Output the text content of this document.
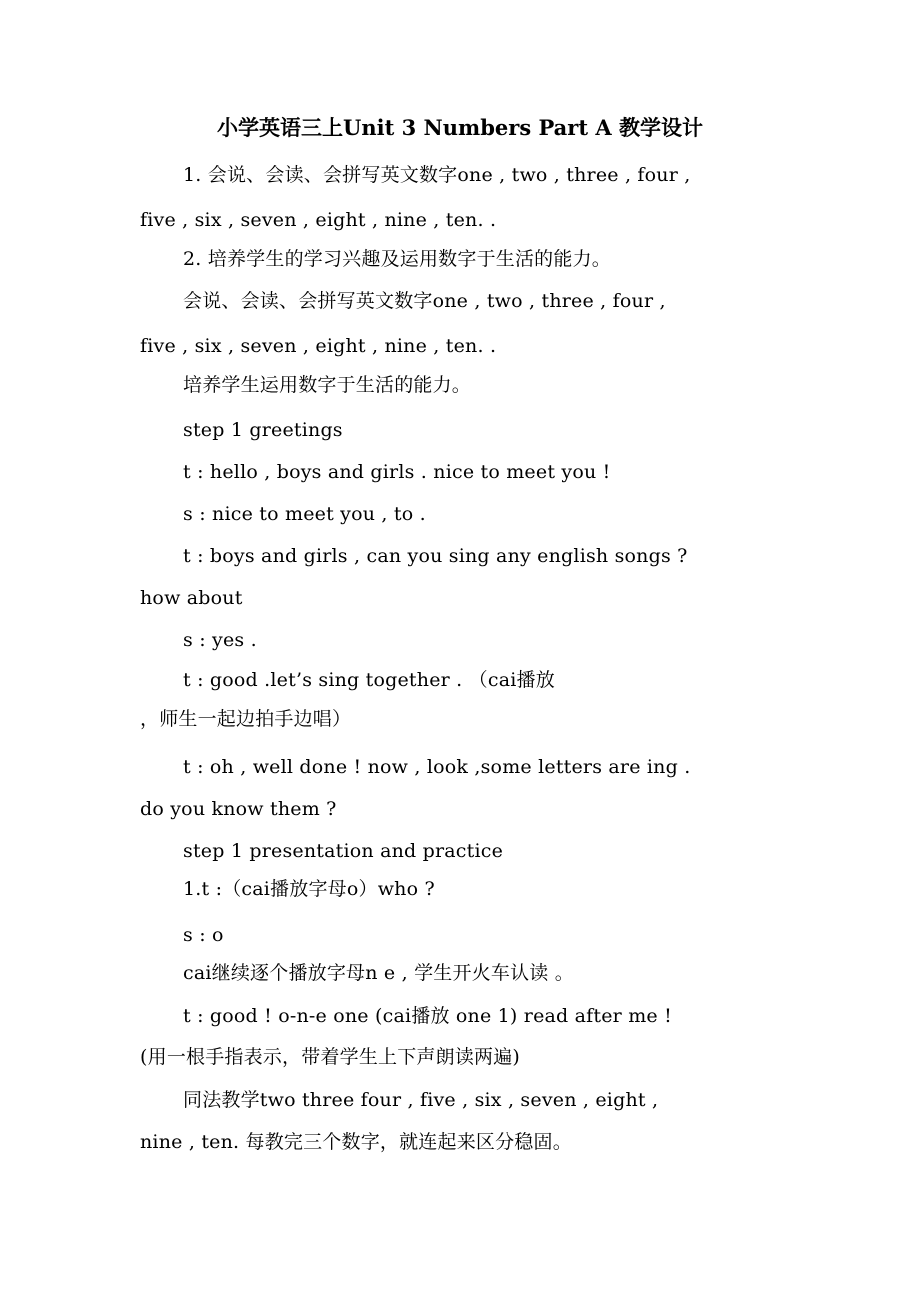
小学英语三上Unit 3 Numbers Part A 教学设计
1. 会说、会读、会拼写英文数字one , two , three , four ,
five , six , seven , eight , nine , ten. .
2. 培养学生的学习兴趣及运用数字于生活的能力。
会说、会读、会拼写英文数字one , two , three , four ,
five , six , seven , eight , nine , ten. .
培养学生运用数字于生活的能力。
step 1 greetings
t : hello , boys and girls . nice to meet you !
s : nice to meet you , to .
t : boys and girls , can you sing any english songs ?
how about
s : yes .
t : good .let’s sing together . （cai播放
，师生一起边拍手边唱）
t : oh , well done ! now , look ,some letters are ing .
do you know them ?
step 1 presentation and practice
1.t :（cai播放字母o）who ?
s : o
cai继续逐个播放字母n e , 学生开火车认读 。
t : good ! o-n-e one (cai播放 one 1) read after me !
(用一根手指表示，带着学生上下声朗读两遍)
同法教学two three four , five , six , seven , eight ,
nine , ten. 每教完三个数字，就连起来区分稳固。
